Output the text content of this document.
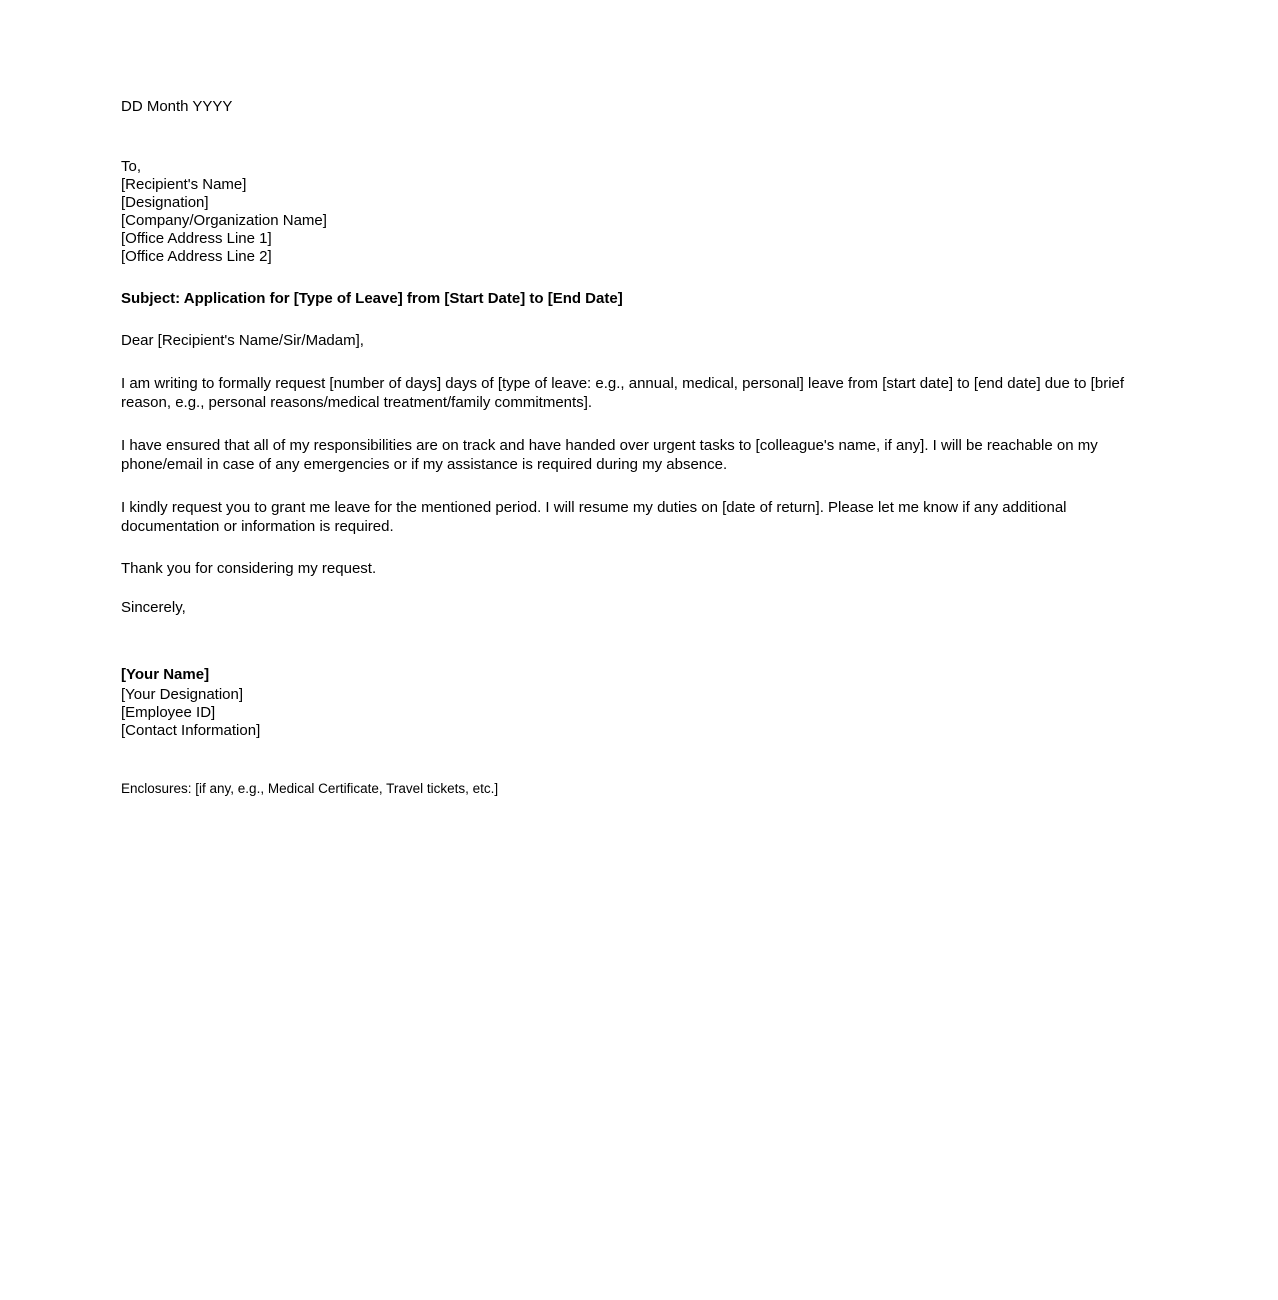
DD Month YYYY
To,
[Recipient's Name]
[Designation]
[Company/Organization Name]
[Office Address Line 1]
[Office Address Line 2]
Subject: Application for [Type of Leave] from [Start Date] to [End Date]
Dear [Recipient's Name/Sir/Madam],
I am writing to formally request [number of days] days of [type of leave: e.g., annual, medical, personal] leave from [start date] to [end date] due to [brief reason, e.g., personal reasons/medical treatment/family commitments].
I have ensured that all of my responsibilities are on track and have handed over urgent tasks to [colleague's name, if any]. I will be reachable on my phone/email in case of any emergencies or if my assistance is required during my absence.
I kindly request you to grant me leave for the mentioned period. I will resume my duties on [date of return]. Please let me know if any additional documentation or information is required.
Thank you for considering my request.
Sincerely,
[Your Name]
[Your Designation]
[Employee ID]
[Contact Information]
Enclosures: [if any, e.g., Medical Certificate, Travel tickets, etc.]
